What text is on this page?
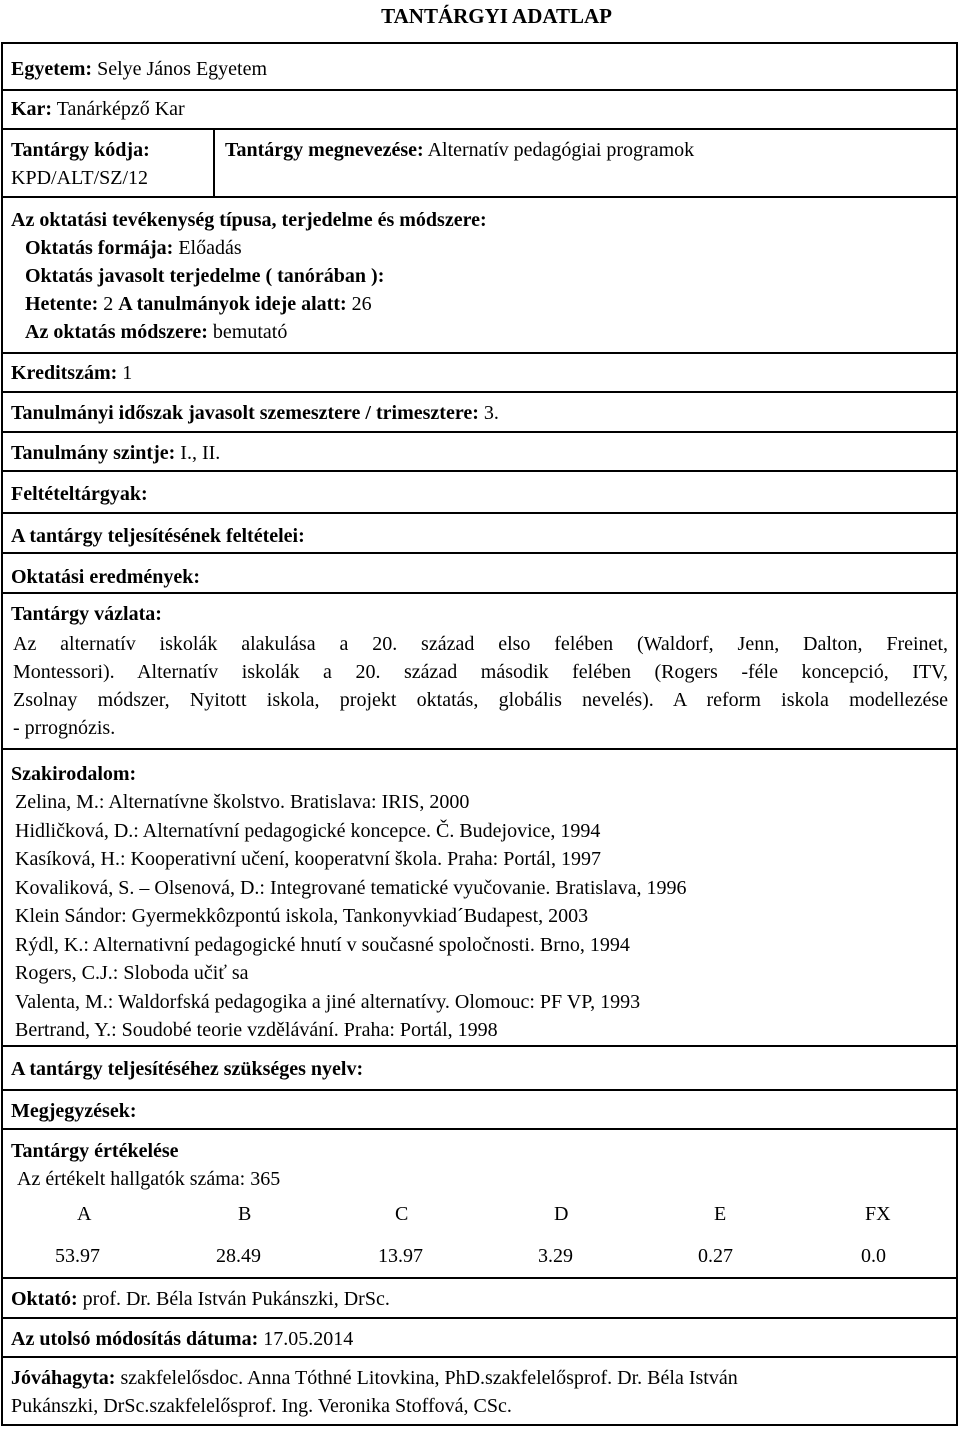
TANTÁRGYI ADATLAP
Egyetem: Selye János Egyetem
Kar: Tanárképző Kar
Tantárgy kódja:
KPD/ALT/SZ/12
Tantárgy megnevezése: Alternatív pedagógiai programok
Az oktatási tevékenység típusa, terjedelme és módszere:
Oktatás formája: Előadás
Oktatás javasolt terjedelme ( tanórában ):
Hetente: 2 A tanulmányok ideje alatt: 26
Az oktatás módszere: bemutató
Kreditszám: 1
Tanulmányi időszak javasolt szemesztere / trimesztere: 3.
Tanulmány szintje: I., II.
Feltételtárgyak:
A tantárgy teljesítésének feltételei:
Oktatási eredmények:
Tantárgy vázlata:
Az alternatív iskolák alakulása a 20. század elso felében (Waldorf, Jenn, Dalton, Freinet,
Montessori). Alternatív iskolák a 20. század második felében (Rogers -féle koncepció, ITV,
Zsolnay módszer, Nyitott iskola, projekt oktatás, globális nevelés). A reform iskola modellezése
- prrognózis.
Szakirodalom:
Zelina, M.: Alternatívne školstvo. Bratislava: IRIS, 2000
Hidličková, D.: Alternatívní pedagogické koncepce. Č. Budejovice, 1994
Kasíková, H.: Kooperativní učení, kooperatvní škola. Praha: Portál, 1997
Kovaliková, S. – Olsenová, D.: Integrované tematické vyučovanie. Bratislava, 1996
Klein Sándor: Gyermekkôzpontú iskola, Tankonyvkiad´Budapest, 2003
Rýdl, K.: Alternativní pedagogické hnutí v současné spoločnosti. Brno, 1994
Rogers, C.J.: Sloboda učiť sa
Valenta, M.: Waldorfská pedagogika a jiné alternatívy. Olomouc: PF VP, 1993
Bertrand, Y.: Soudobé teorie vzdělávání. Praha: Portál, 1998
A tantárgy teljesítéséhez szükséges nyelv:
Megjegyzések:
Tantárgy értékelése
Az értékelt hallgatók száma: 365
A	B	C	D	E	FX
53.97	28.49	13.97	3.29	0.27	0.0
Oktató: prof. Dr. Béla István Pukánszki, DrSc.
Az utolsó módosítás dátuma: 17.05.2014
Jóváhagyta: szakfelelősdoc. Anna Tóthné Litovkina, PhD.szakfelelősprof. Dr. Béla István
Pukánszki, DrSc.szakfelelősprof. Ing. Veronika Stoffová, CSc.
